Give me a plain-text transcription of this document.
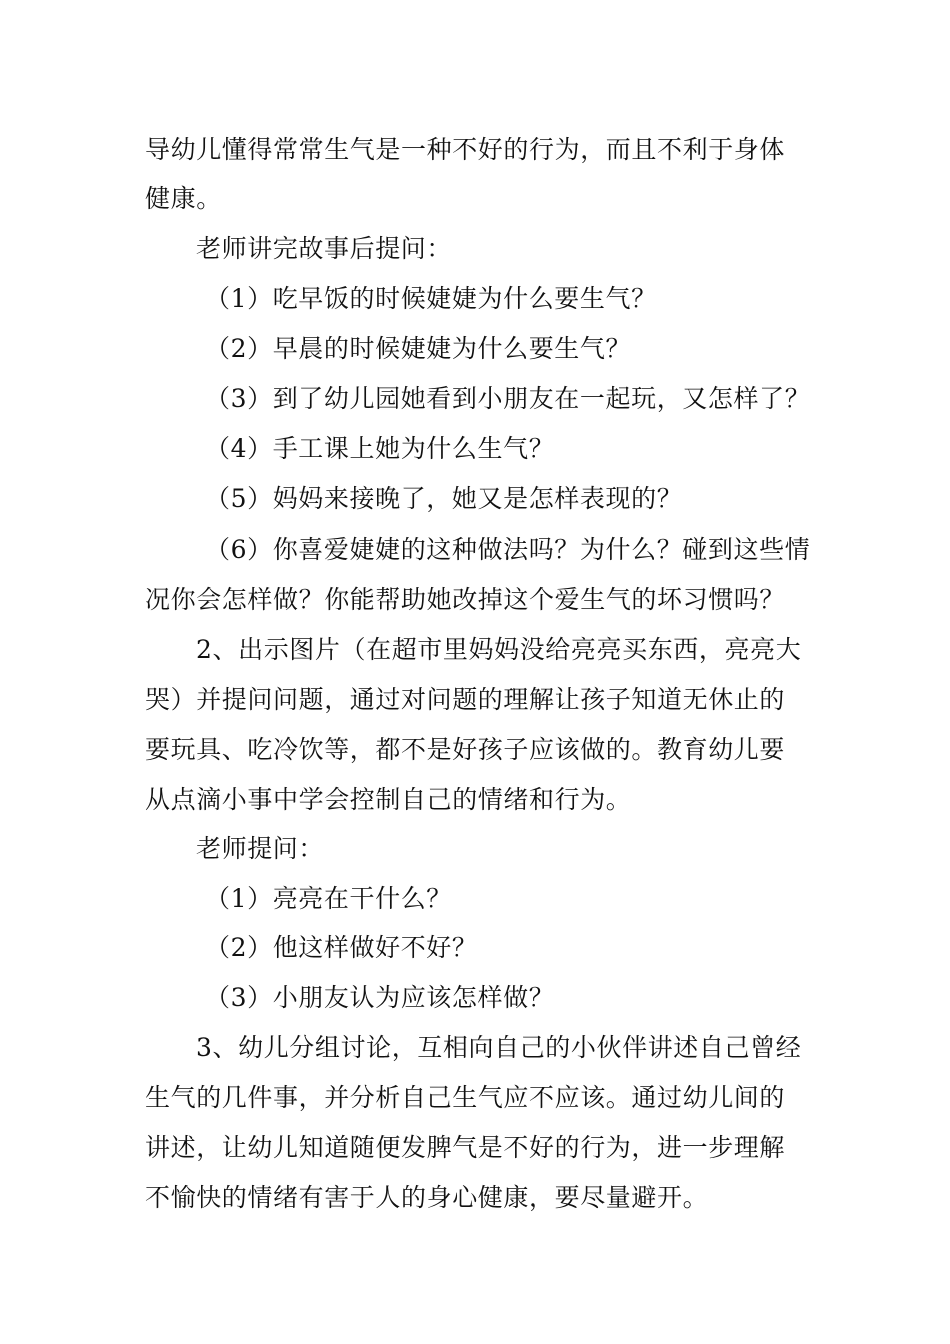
导幼儿懂得常常生气是一种不好的行为，而且不利于身体
健康。
老师讲完故事后提问：
（1）吃早饭的时候婕婕为什么要生气？
（2）早晨的时候婕婕为什么要生气？
（3）到了幼儿园她看到小朋友在一起玩，又怎样了？
（4）手工课上她为什么生气？
（5）妈妈来接晚了，她又是怎样表现的？
（6）你喜爱婕婕的这种做法吗？为什么？碰到这些情
况你会怎样做？你能帮助她改掉这个爱生气的坏习惯吗？
2、出示图片（在超市里妈妈没给亮亮买东西，亮亮大
哭）并提问问题，通过对问题的理解让孩子知道无休止的
要玩具、吃冷饮等，都不是好孩子应该做的。教育幼儿要
从点滴小事中学会控制自己的情绪和行为。
老师提问：
（1）亮亮在干什么？
（2）他这样做好不好？
（3）小朋友认为应该怎样做？
3、幼儿分组讨论，互相向自己的小伙伴讲述自己曾经
生气的几件事，并分析自己生气应不应该。通过幼儿间的
讲述，让幼儿知道随便发脾气是不好的行为，进一步理解
不愉快的情绪有害于人的身心健康，要尽量避开。
